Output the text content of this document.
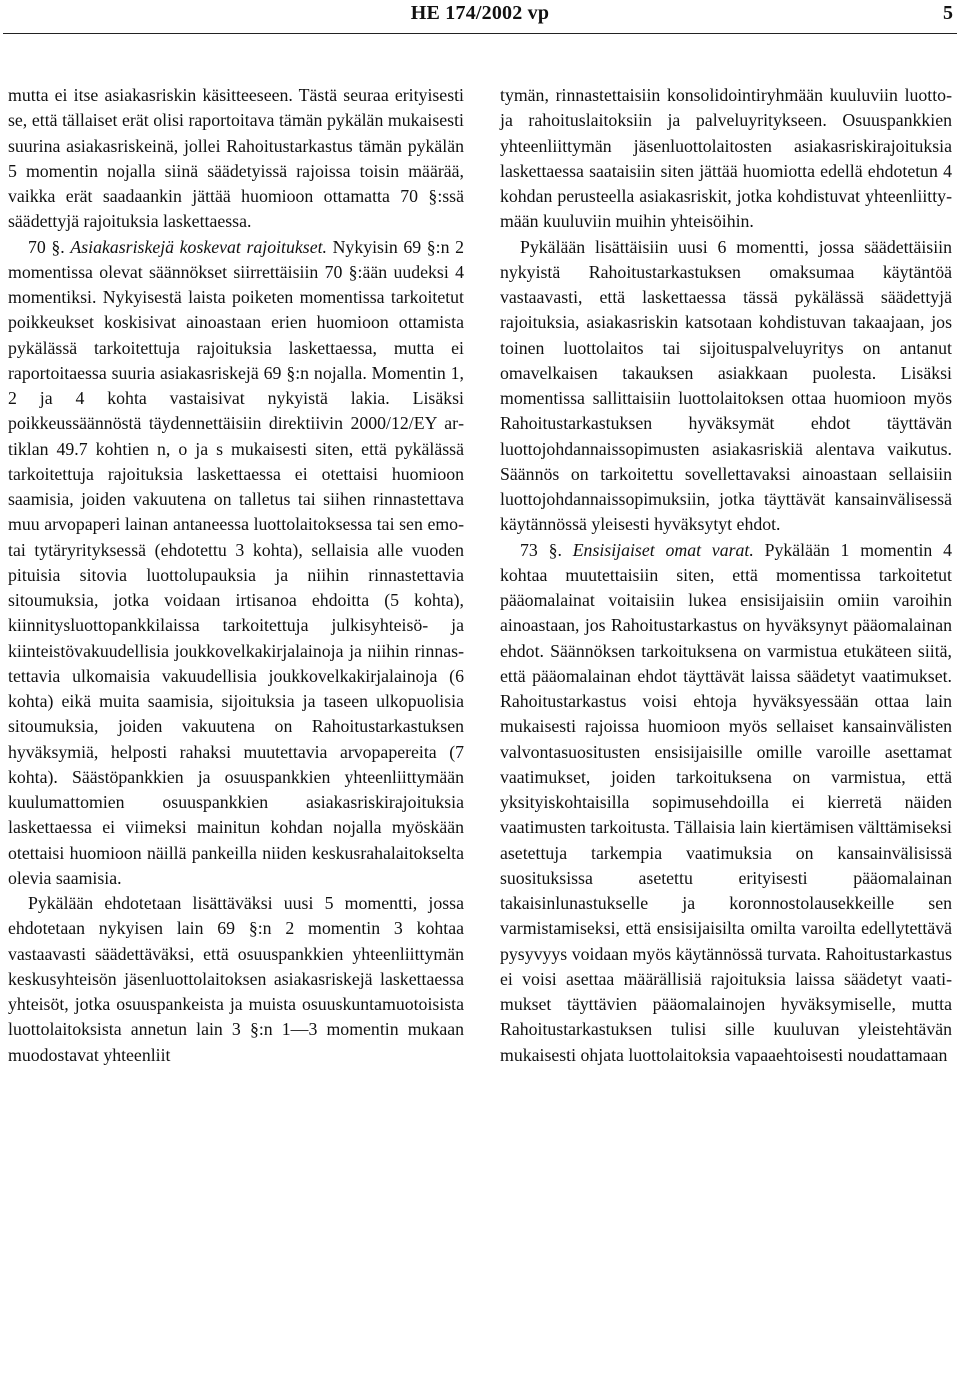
HE 174/2002 vp	5

mutta ei itse asiakasriskin käsitteeseen. Tästä seuraa erityisesti se, että tällaiset erät olisi raportoitava tämän pykälän mukaisesti suurina asiakasriskeinä, jollei Rahoitustarkastus tämän pykälän 5 momentin nojalla siinä säädetyissä rajoissa toisin määrää, vaikka erät saadaankin jättää huomioon ottamatta 70 §:ssä säädettyjä rajoituksia laskettaessa.

70 §. Asiakasriskejä koskevat rajoitukset. Nykyisin 69 §:n 2 momentissa olevat säännökset siirrettäisiin 70 §:ään uudeksi 4 momentiksi. Nykyisestä laista poiketen momentissa tarkoitetut poikkeukset koskisivat ainoastaan erien huomioon ottamista pykälässä tarkoitettuja rajoituksia laskettaessa, mutta ei raportoitaessa suuria asiakasriskejä 69 §:n nojalla. Momentin 1, 2 ja 4 kohta vastaisivat nykyistä lakia. Lisäksi poikkeussäännöstä täydennettäisiin direktiivin 2000/12/EY artiklan 49.7 kohtien n, o ja s mukaisesti siten, että pykälässä tarkoitettuja rajoituksia laskettaessa ei otettaisi huomioon saamisia, joiden vakuutena on talletus tai siihen rinnastettava muu arvopaperi lainan antaneessa luottolaitoksessa tai sen emo- tai tytäryrityksessä (ehdotettu 3 kohta), sellaisia alle vuoden pituisia sitovia luottolupauksia ja niihin rinnastettavia sitoumuksia, jotka voidaan irtisanoa ehdoitta (5 kohta), kiinnitysluottopankkilaissa tarkoitettuja julkisyhteisö- ja kiinteistövakuudellisia joukkovelkakirjalainoja ja niihin rinnastettavia ulkomaisia vakuudellisia joukkovelkakirjalainoja (6 kohta) eikä muita saamisia, sijoituksia ja taseen ulkopuolisia sitoumuksia, joiden vakuutena on Rahoitustarkastuksen hyväksymiä, helposti rahaksi muutettavia arvopapereita (7 kohta). Säästöpankkien ja osuuspankkien yhteenliittymään kuulumattomien osuuspankkien asiakasriskirajoituksia laskettaessa ei viimeksi mainitun kohdan nojalla myöskään otettaisi huomioon näillä pankeilla niiden keskusrahalaitokselta olevia saamisia.

Pykälään ehdotetaan lisättäväksi uusi 5 momentti, jossa ehdotetaan nykyisen lain 69 §:n 2 momentin 3 kohtaa vastaavasti säädettäväksi, että osuuspankkien yhteenliittymän keskusyhteisön jäsenluottolaitoksen asiakasriskejä laskettaessa yhteisöt, jotka osuuspankeista ja muista osuuskuntamuotoisista luottolaitoksista annetun lain 3 §:n 1—3 momentin mukaan muodostavat yhteenliit

tymän, rinnastettaisiin konsolidointiryhmään kuuluviin luotto- ja rahoituslaitoksiin ja palveluyritykseen. Osuuspankkien yhteenliittymän jäsenluottolaitosten asiakasriskirajoituksia laskettaessa saataisiin siten jättää huomiotta edellä ehdotetun 4 kohdan perusteella asiakasriskit, jotka kohdistuvat yhteenliittymään kuuluviin muihin yhteisöihin.

Pykälään lisättäisiin uusi 6 momentti, jossa säädettäisiin nykyistä Rahoitustarkastuksen omaksumaa käytäntöä vastaavasti, että laskettaessa tässä pykälässä säädettyjä rajoituksia, asiakasriskin katsotaan kohdistuvan takaajaan, jos toinen luottolaitos tai sijoituspalveluyritys on antanut omavelkaisen takauksen asiakkaan puolesta. Lisäksi momentissa sallittaisiin luottolaitoksen ottaa huomioon myös Rahoitustarkastuksen hyväksymät ehdot täyttävän luottojohdannaissopimusten asiakasriskiä alentava vaikutus. Säännös on tarkoitettu sovellettavaksi ainoastaan sellaisiin luottojohdannaissopimuksiin, jotka täyttävät kansainvälisessä käytännössä yleisesti hyväksytyt ehdot.

73 §. Ensisijaiset omat varat. Pykälään 1 momentin 4 kohtaa muutettaisiin siten, että momentissa tarkoitetut pääomalainat voitaisiin lukea ensisijaisiin omiin varoihin ainoastaan, jos Rahoitustarkastus on hyväksynyt pääomalainan ehdot. Säännöksen tarkoituksena on varmistua etukäteen siitä, että pääomalainan ehdot täyttävät laissa säädetyt vaatimukset. Rahoitustarkastus voisi ehtoja hyväksyessään ottaa lain mukaisesti rajoissa huomioon myös sellaiset kansainvälisten valvontasuositusten ensisijaisille omille varoille asettamat vaatimukset, joiden tarkoituksena on varmistua, että yksityiskohtaisilla sopimusehdoilla ei kierretä näiden vaatimusten tarkoitusta. Tällaisia lain kiertämisen välttämiseksi asetettuja tarkempia vaatimuksia on kansainvälisissä suosituksissa asetettu erityisesti pääomalainan takaisinlunastukselle ja koronnostolausekkeille sen varmistamiseksi, että ensisijaisilta omilta varoilta edellytettävä pysyvyys voidaan myös käytännössä turvata. Rahoitustarkastus ei voisi asettaa määrällisiä rajoituksia laissa säädetyt vaatimukset täyttävien pääomalainojen hyväksymiselle, mutta Rahoitustarkastuksen tulisi sille kuuluvan yleistehtävän mukaisesti ohjata luottolaitoksia vapaaehtoisesti noudattamaan
